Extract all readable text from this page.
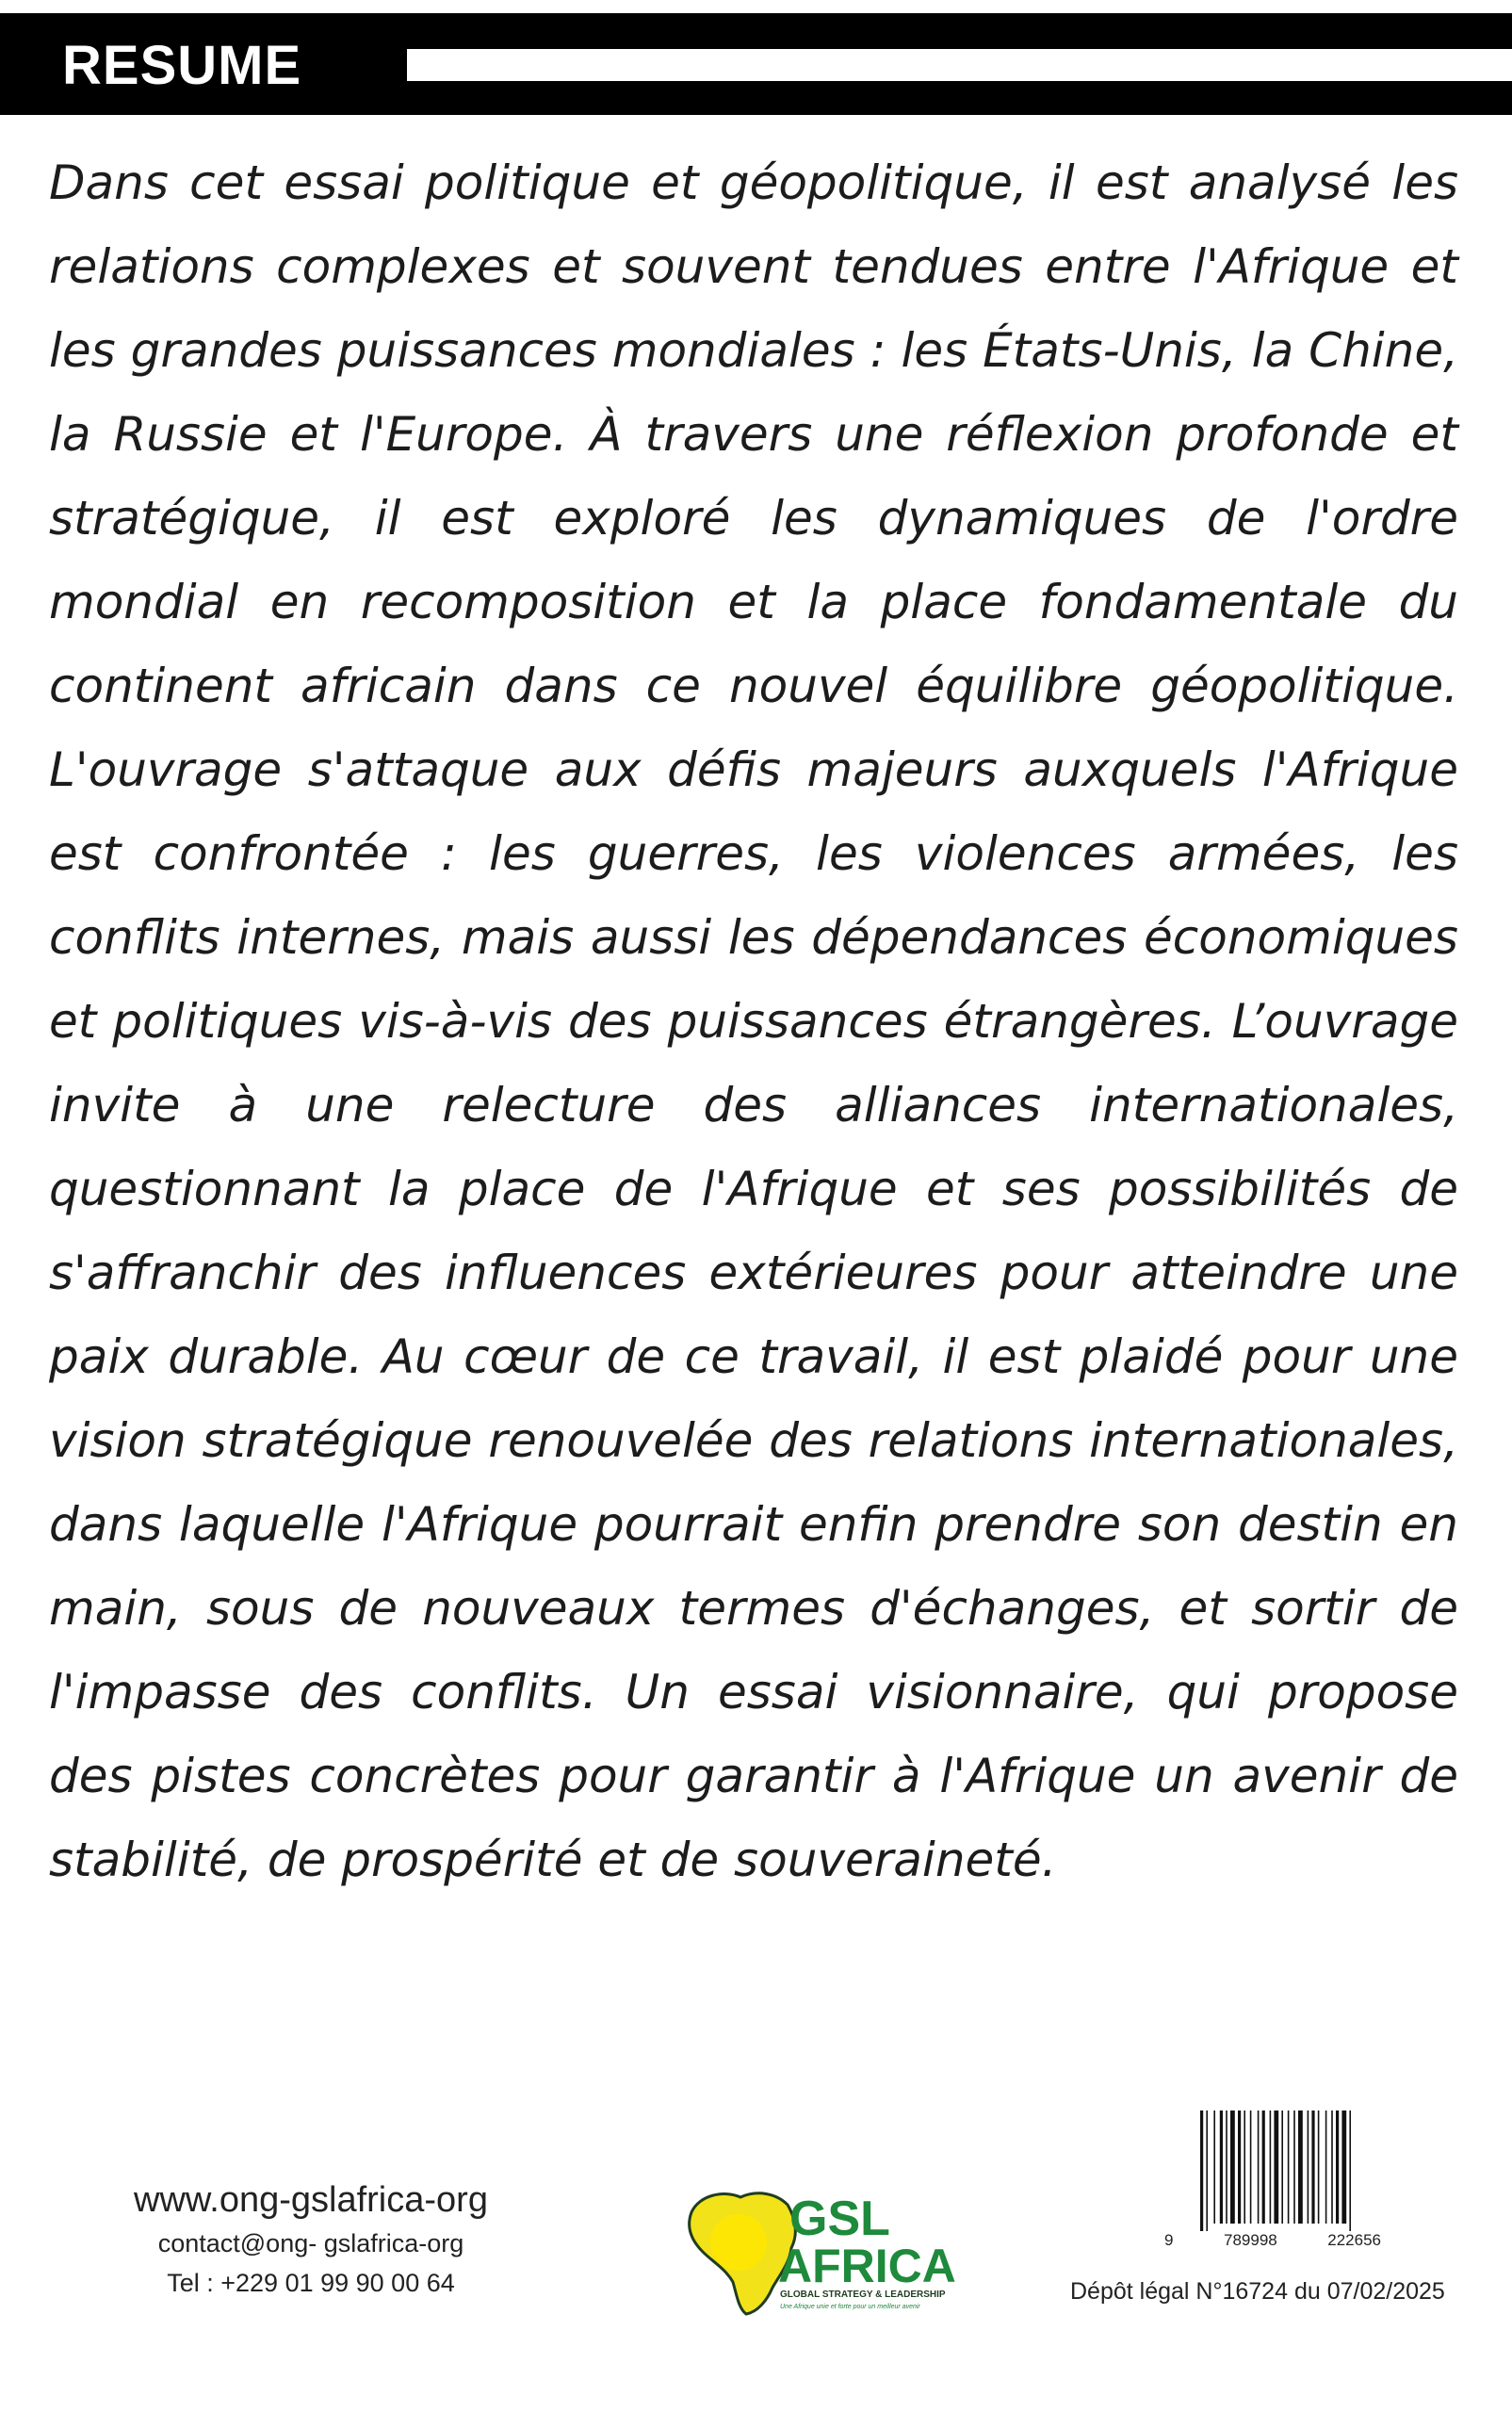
RESUME

Dans cet essai politique et géopolitique, il est analysé les relations complexes et souvent tendues entre l'Afrique et les grandes puissances mondiales : les États-Unis, la Chine, la Russie et l'Europe. À travers une réflexion profonde et stratégique, il est exploré les dynamiques de l'ordre mondial en recomposition et la place fondamentale du continent africain dans ce nouvel équilibre géopolitique. L'ouvrage s'attaque aux défis majeurs auxquels l'Afrique est confrontée : les guerres, les violences armées, les conflits internes, mais aussi les dépendances économiques et politiques vis-à-vis des puissances étrangères. L’ouvrage invite à une relecture des alliances internationales, questionnant la place de l'Afrique et ses possibilités de s'affranchir des influences extérieures pour atteindre une paix durable. Au cœur de ce travail, il est plaidé pour une vision stratégique renouvelée des relations internationales, dans laquelle l'Afrique pourrait enfin prendre son destin en main, sous de nouveaux termes d'échanges, et sortir de l'impasse des conflits. Un essai visionnaire, qui propose des pistes concrètes pour garantir à l'Afrique un avenir de stabilité, de prospérité et de souveraineté.

www.ong-gslafrica-org
contact@ong- gslafrica-org
Tel : +229 01 99 90 00 64
GSL
AFRICA
GLOBAL STRATEGY & LEADERSHIP
Une Afrique unie et forte pour un meilleur avenir
9	789998	222656
Dépôt légal N°16724 du 07/02/2025
